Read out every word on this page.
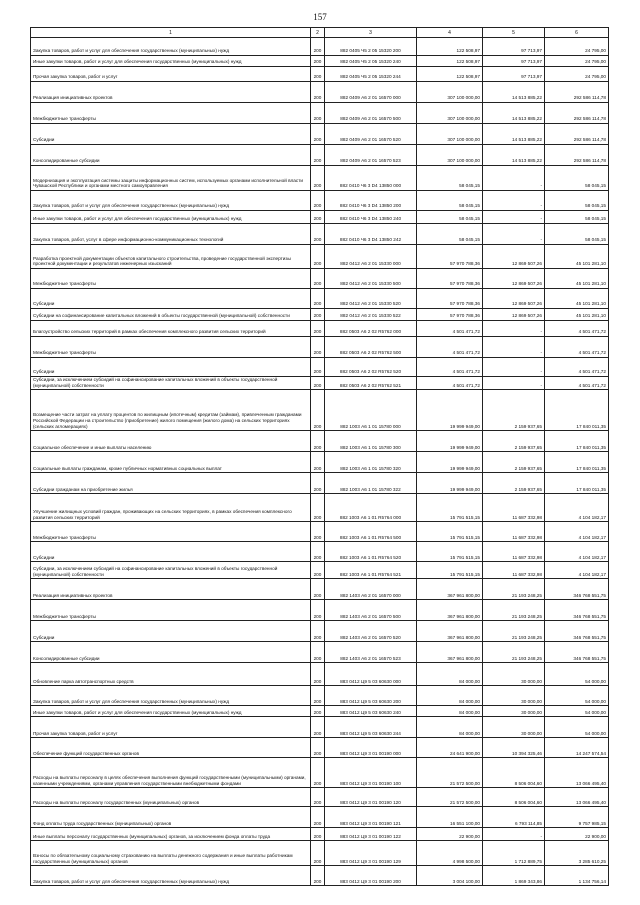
157
1	2	3	4	5	6
Закупка товаров, работ и услуг для обеспечения государственных (муниципальных) нужд	200	882 0405 Ч5 2 05 15320 200	122 508,97	97 713,97	24 795,00
Иные закупки товаров, работ и услуг для обеспечения государственных (муниципальных) нужд	200	882 0405 Ч5 2 05 15320 240	122 508,97	97 713,97	24 795,00
Прочая закупка товаров, работ и услуг	200	882 0405 Ч5 2 05 15320 244	122 508,97	97 713,97	24 795,00
Реализация инициативных проектов	200	882 0409 А6 2 01 16570 000	307 100 000,00	14 513 885,22	292 586 114,78
Межбюджетные трансферты	200	882 0409 А6 2 01 16570 500	307 100 000,00	14 513 885,22	292 586 114,78
Субсидии	200	882 0409 А6 2 01 16570 520	307 100 000,00	14 513 885,22	292 586 114,78
Консолидированные субсидии	200	882 0409 А6 2 01 16570 523	307 100 000,00	14 513 885,22	292 586 114,78
Модернизация и эксплуатация системы защиты информационных систем, используемых органами исполнительной власти Чувашской Республики и органами местного самоуправления	200	882 0410 Ч6 3 D4 13850 000	58 045,15	-	58 045,15
Закупка товаров, работ и услуг для обеспечения государственных (муниципальных) нужд	200	882 0410 Ч6 3 D4 13850 200	58 045,15	-	58 045,15
Иные закупки товаров, работ и услуг для обеспечения государственных (муниципальных) нужд	200	882 0410 Ч6 3 D4 13850 240	58 045,15	-	58 045,15
Закупка товаров, работ, услуг в сфере информационно-коммуникационных технологий	200	882 0410 Ч6 3 D4 13850 242	58 045,15	-	58 045,15
Разработка проектной документации объектов капитального строительства, проведение государственной экспертизы проектной документации и результатов инженерных изысканий	200	882 0412 А6 2 01 15330 000	57 970 788,36	12 869 507,26	45 101 281,10
Межбюджетные трансферты	200	882 0412 А6 2 01 15330 500	57 970 788,36	12 869 507,26	45 101 281,10
Субсидии	200	882 0412 А6 2 01 15330 520	57 970 788,36	12 869 507,26	45 101 281,10
Субсидии на софинансирование капитальных вложений в объекты государственной (муниципальной) собственности	200	882 0412 А6 2 01 15330 522	57 970 788,36	12 869 507,26	45 101 281,10
Благоустройство сельских территорий в рамках обеспечения комплексного развития сельских территорий	200	882 0503 А6 2 02 R5762 000	4 501 471,72	-	4 501 471,72
Межбюджетные трансферты	200	882 0503 А6 2 02 R5762 500	4 501 471,72	-	4 501 471,72
Субсидии	200	882 0503 А6 2 02 R5762 520	4 501 471,72	-	4 501 471,72
Субсидии, за исключением субсидий на софинансирование капитальных вложений в объекты государственной (муниципальной) собственности	200	882 0503 А6 2 02 R5762 521	4 501 471,72	-	4 501 471,72
Возмещение части затрат на уплату процентов по жилищным (ипотечным) кредитам (займам), привлеченным гражданами Российской Федерации на строительство (приобретение) жилого помещения (жилого дома) на сельских территориях (сельских агломерациях)	200	882 1003 А6 1 01 15780 000	19 999 949,00	2 159 937,65	17 840 011,35
Социальное обеспечение и иные выплаты населению	200	882 1003 А6 1 01 15780 300	19 999 949,00	2 159 937,65	17 840 011,35
Социальные выплаты гражданам, кроме публичных нормативных социальных выплат	200	882 1003 А6 1 01 15780 320	19 999 949,00	2 159 937,65	17 840 011,35
Субсидии гражданам на приобретение жилья	200	882 1003 А6 1 01 15780 322	19 999 949,00	2 159 937,65	17 840 011,35
Улучшение жилищных условий граждан, проживающих на сельских территориях, в рамках обеспечения комплексного развития сельских территорий	200	882 1003 А6 1 01 R5764 000	15 791 515,15	11 687 332,98	4 104 182,17
Межбюджетные трансферты	200	882 1003 А6 1 01 R5764 500	15 791 515,15	11 687 332,98	4 104 182,17
Субсидии	200	882 1003 А6 1 01 R5764 520	15 791 515,15	11 687 332,98	4 104 182,17
Субсидии, за исключением субсидий на софинансирование капитальных вложений в объекты государственной (муниципальной) собственности	200	882 1003 А6 1 01 R5764 521	15 791 515,15	11 687 332,98	4 104 182,17
Реализация инициативных проектов	200	882 1403 А6 2 01 16570 000	367 961 800,00	21 193 248,25	346 768 551,75
Межбюджетные трансферты	200	882 1403 А6 2 01 16570 500	367 961 800,00	21 193 248,25	346 768 551,75
Субсидии	200	882 1403 А6 2 01 16570 520	367 961 800,00	21 193 248,25	346 768 551,75
Консолидированные субсидии	200	882 1403 А6 2 01 16570 523	367 961 800,00	21 193 248,25	346 768 551,75
Обновление парка автотранспортных средств	200	883 0412 Ц9 5 03 60630 000	84 000,00	30 000,00	54 000,00
Закупка товаров, работ и услуг для обеспечения государственных (муниципальных) нужд	200	883 0412 Ц9 5 03 60630 200	84 000,00	30 000,00	54 000,00
Иные закупки товаров, работ и услуг для обеспечения государственных (муниципальных) нужд	200	883 0412 Ц9 5 03 60630 240	84 000,00	30 000,00	54 000,00
Прочая закупка товаров, работ и услуг	200	883 0412 Ц9 5 03 60630 244	84 000,00	30 000,00	54 000,00
Обеспечение функций государственных органов	200	883 0412 Ц9 3 01 00190 000	24 641 900,00	10 394 325,46	14 247 574,54
Расходы на выплаты персоналу в целях обеспечения выполнения функций государственными (муниципальными) органами, казенными учреждениями, органами управления государственными внебюджетными фондами	200	883 0412 Ц9 3 01 00190 100	21 572 500,00	8 506 004,60	13 066 495,40
Расходы на выплаты персоналу государственных (муниципальных) органов	200	883 0412 Ц9 3 01 00190 120	21 572 500,00	8 506 004,60	13 066 495,40
Фонд оплаты труда государственных (муниципальных) органов	200	883 0412 Ц9 3 01 00190 121	16 551 100,00	6 793 114,85	9 757 985,15
Иные выплаты персоналу государственных (муниципальных) органов, за исключением фонда оплаты труда	200	883 0412 Ц9 3 01 00190 122	22 900,00	-	22 900,00
Взносы по обязательному социальному страхованию на выплаты денежного содержания и иные выплаты работникам государственных (муниципальных) органов	200	883 0412 Ц9 3 01 00190 129	4 998 500,00	1 712 889,75	3 285 610,25
Закупка товаров, работ и услуг для обеспечения государственных (муниципальных) нужд	200	883 0412 Ц9 3 01 00190 200	3 004 100,00	1 869 343,86	1 134 756,14
